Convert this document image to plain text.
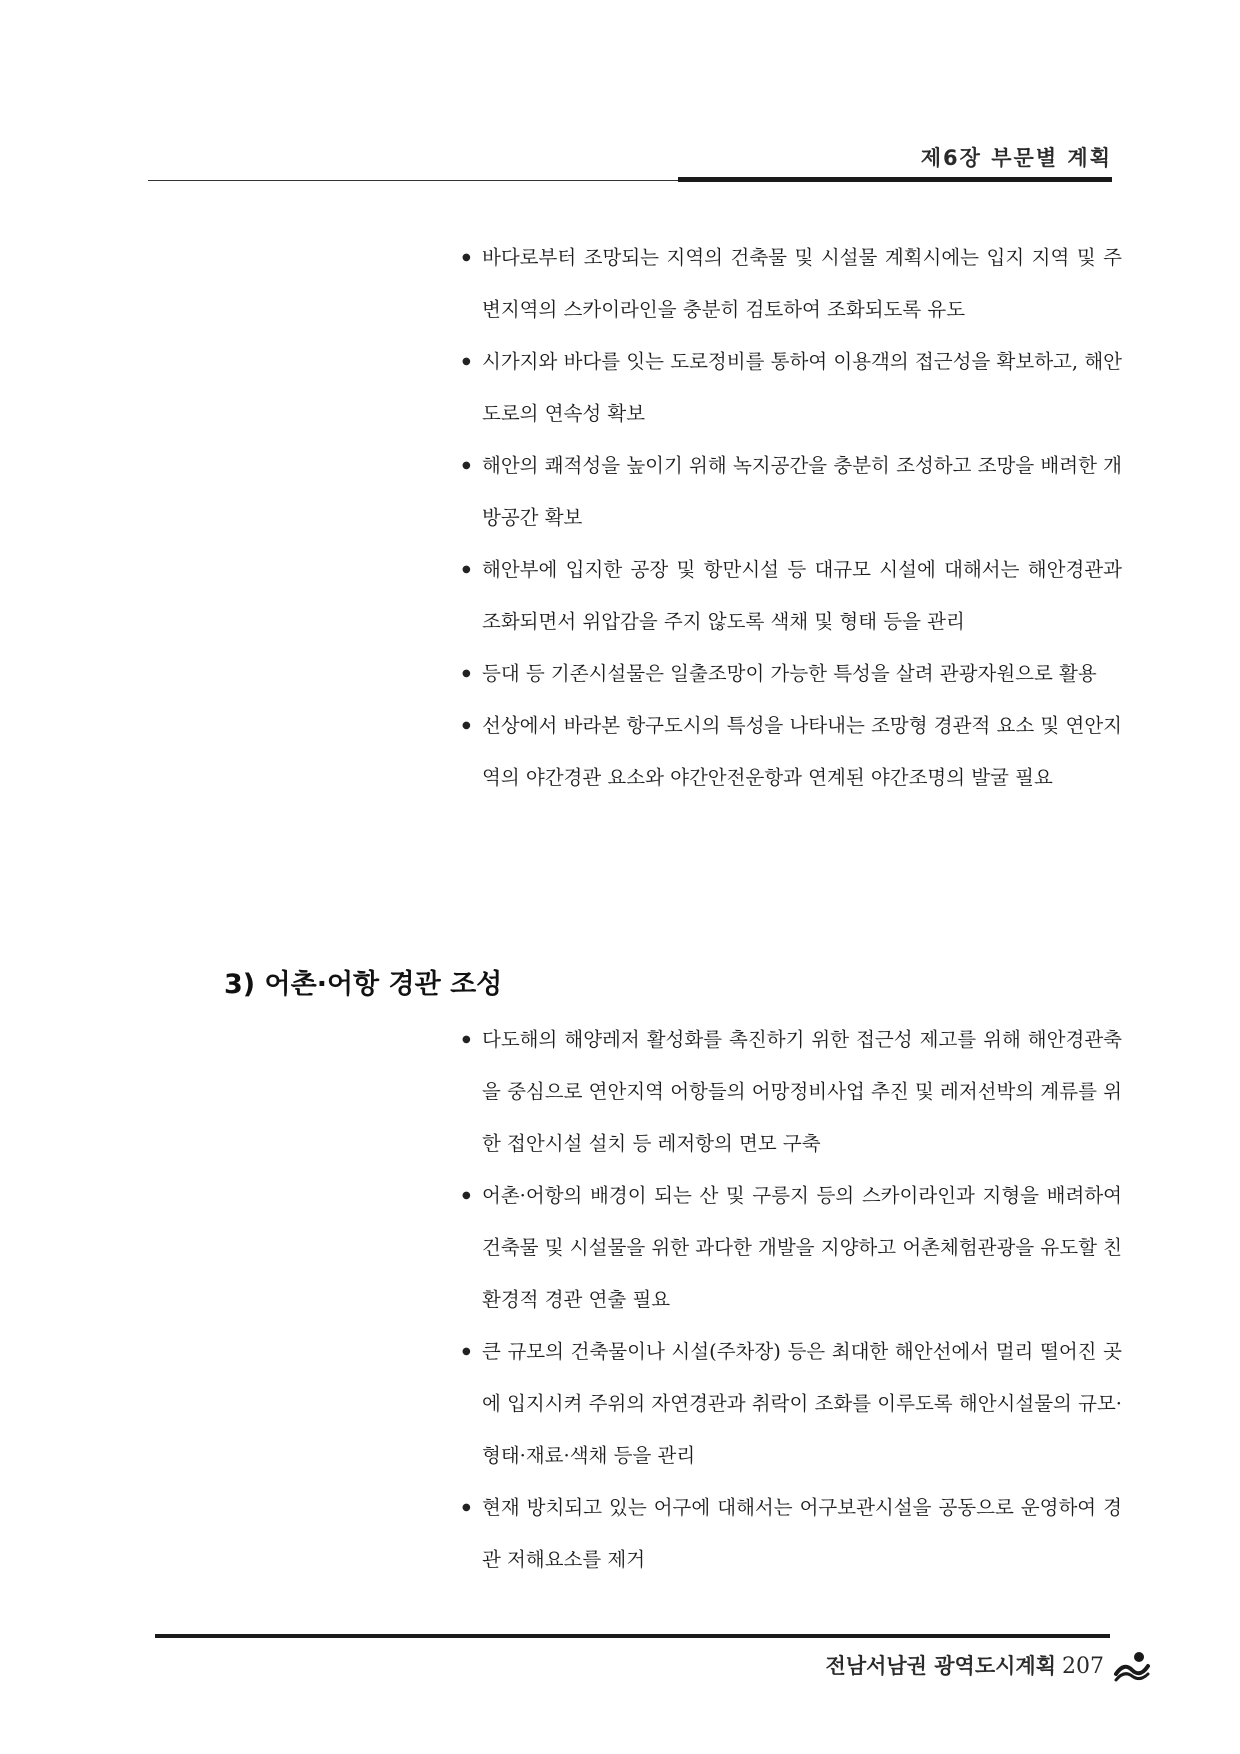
제6장 부문별 계획
● 바다로부터 조망되는 지역의 건축물 및 시설물 계획시에는 입지 지역 및 주변지역의 스카이라인을 충분히 검토하여 조화되도록 유도
● 시가지와 바다를 잇는 도로정비를 통하여 이용객의 접근성을 확보하고, 해안도로의 연속성 확보
● 해안의 쾌적성을 높이기 위해 녹지공간을 충분히 조성하고 조망을 배려한 개방공간 확보
● 해안부에 입지한 공장 및 항만시설 등 대규모 시설에 대해서는 해안경관과 조화되면서 위압감을 주지 않도록 색채 및 형태 등을 관리
● 등대 등 기존시설물은 일출조망이 가능한 특성을 살려 관광자원으로 활용
● 선상에서 바라본 항구도시의 특성을 나타내는 조망형 경관적 요소 및 연안지역의 야간경관 요소와 야간안전운항과 연계된 야간조명의 발굴 필요
3) 어촌·어항 경관 조성
● 다도해의 해양레저 활성화를 촉진하기 위한 접근성 제고를 위해 해안경관축을 중심으로 연안지역 어항들의 어망정비사업 추진 및 레저선박의 계류를 위한 접안시설 설치 등 레저항의 면모 구축
● 어촌·어항의 배경이 되는 산 및 구릉지 등의 스카이라인과 지형을 배려하여 건축물 및 시설물을 위한 과다한 개발을 지양하고 어촌체험관광을 유도할 친환경적 경관 연출 필요
● 큰 규모의 건축물이나 시설(주차장) 등은 최대한 해안선에서 멀리 떨어진 곳에 입지시켜 주위의 자연경관과 취락이 조화를 이루도록 해안시설물의 규모·형태·재료·색채 등을 관리
● 현재 방치되고 있는 어구에 대해서는 어구보관시설을 공동으로 운영하여 경관 저해요소를 제거
전남서남권 광역도시계획 207
